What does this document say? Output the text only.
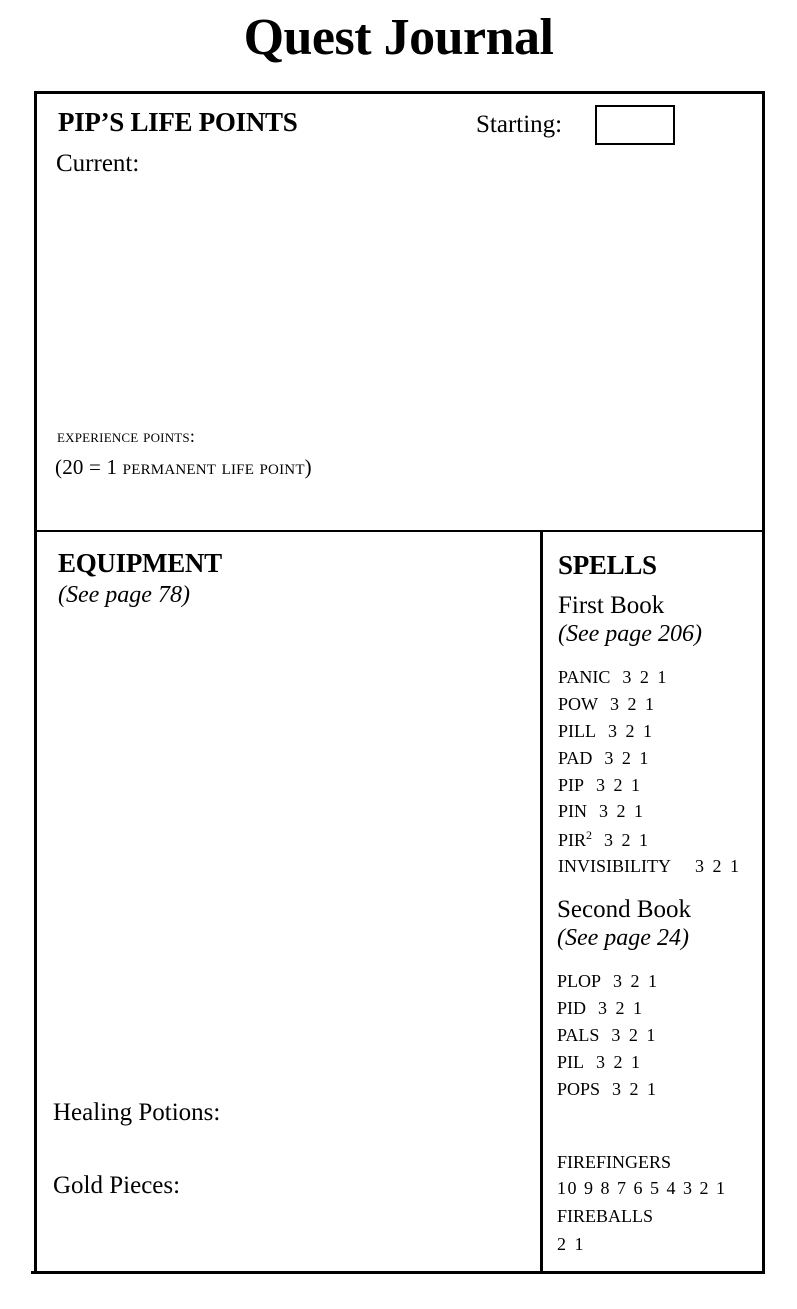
Quest Journal
PIP’S LIFE POINTS	Starting:
Current:
experience points:
(20 = 1 permanent life point)
EQUIPMENT
(See page 78)
Healing Potions:
Gold Pieces:
SPELLS
First Book
(See page 206)
PANIC 3 2 1
POW 3 2 1
PILL 3 2 1
PAD 3 2 1
PIP 3 2 1
PIN 3 2 1
PIR$^2$ 3 2 1
INVISIBILITY 3 2 1
Second Book
(See page 24)
PLOP 3 2 1
PID 3 2 1
PALS 3 2 1
PIL 3 2 1
POPS 3 2 1
FIREFINGERS
10 9 8 7 6 5 4 3 2 1
FIREBALLS
2 1
